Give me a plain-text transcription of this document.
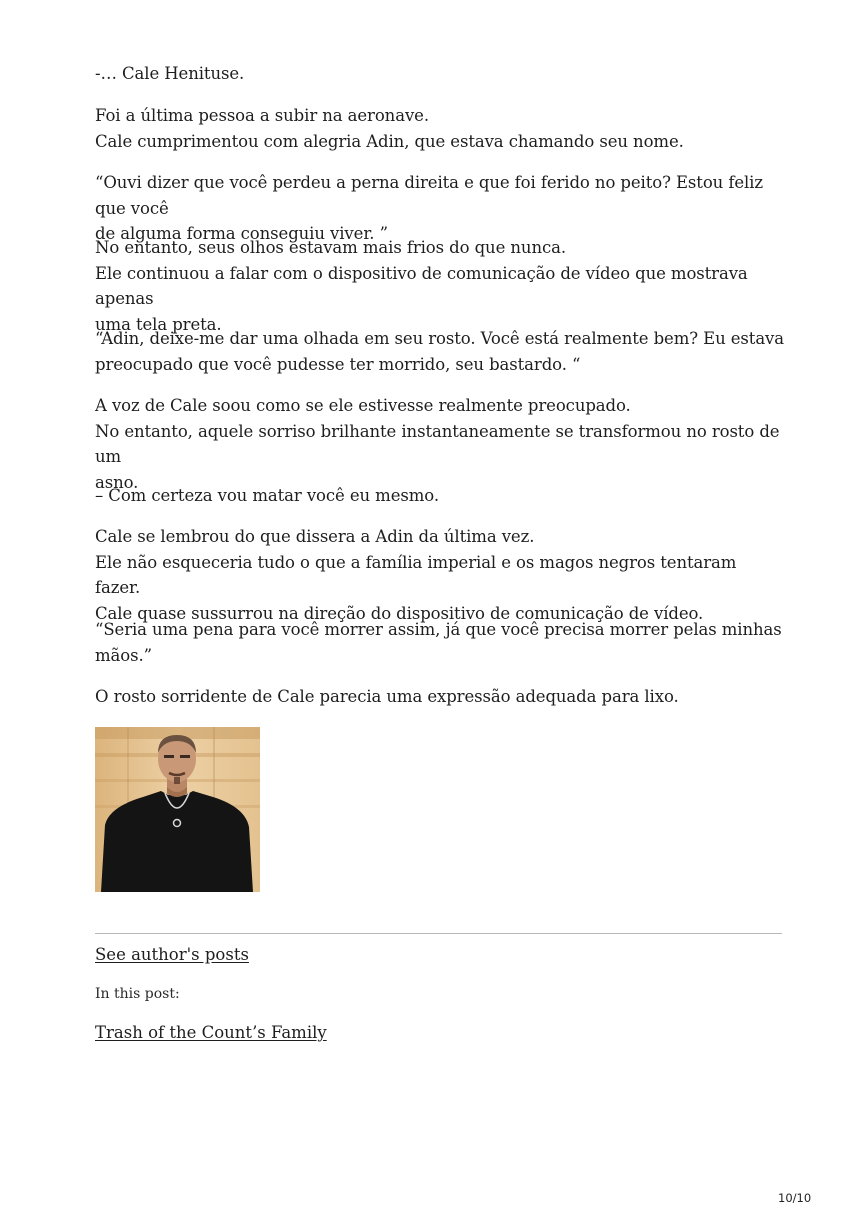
-… Cale Henituse.

Foi a última pessoa a subir na aeronave.
Cale cumprimentou com alegria Adin, que estava chamando seu nome.

“Ouvi dizer que você perdeu a perna direita e que foi ferido no peito? Estou feliz que você
de alguma forma conseguiu viver. ”

No entanto, seus olhos estavam mais frios do que nunca.
Ele continuou a falar com o dispositivo de comunicação de vídeo que mostrava apenas
uma tela preta.

“Adin, deixe-me dar uma olhada em seu rosto. Você está realmente bem? Eu estava
preocupado que você pudesse ter morrido, seu bastardo. “

A voz de Cale soou como se ele estivesse realmente preocupado.
No entanto, aquele sorriso brilhante instantaneamente se transformou no rosto de um
asno.

– Com certeza vou matar você eu mesmo.

Cale se lembrou do que dissera a Adin da última vez.
Ele não esqueceria tudo o que a família imperial e os magos negros tentaram fazer.
Cale quase sussurrou na direção do dispositivo de comunicação de vídeo.

“Seria uma pena para você morrer assim, já que você precisa morrer pelas minhas
mãos.”

O rosto sorridente de Cale parecia uma expressão adequada para lixo.

See author's posts
In this post:
Trash of the Count’s Family
10/10
